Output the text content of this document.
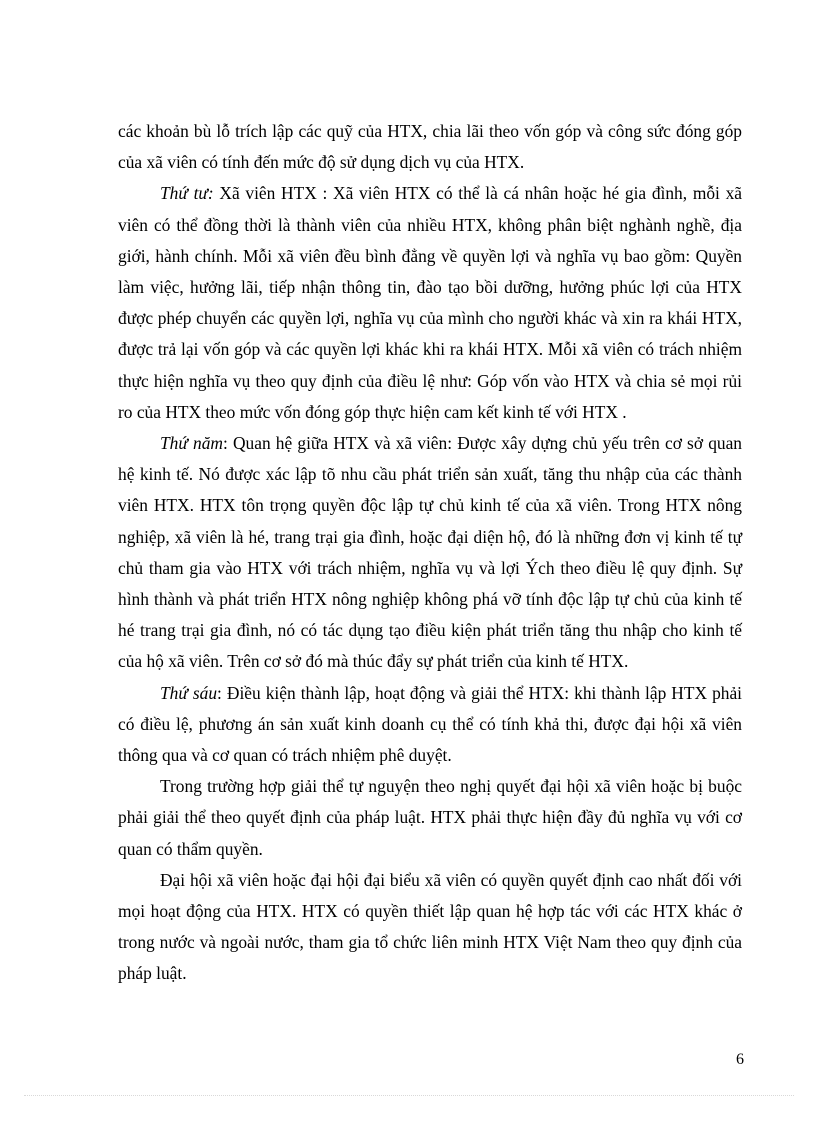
các khoản bù lỗ trích lập các quỹ của HTX, chia lãi theo vốn góp và công sức đóng góp của xã viên có tính đến mức độ sử dụng dịch vụ của HTX.

Thứ tư: Xã viên HTX : Xã viên HTX có thể là cá nhân hoặc hé gia đình, mỗi xã viên có thể đồng thời là thành viên của nhiều HTX, không phân biệt nghành nghề, địa giới, hành chính. Mỗi xã viên đều bình đẳng về quyền lợi và nghĩa vụ bao gồm: Quyền làm việc, hưởng lãi, tiếp nhận thông tin, đào tạo bồi dưỡng, hưởng phúc lợi của HTX được phép chuyển các quyền lợi, nghĩa vụ của mình cho người khác và xin ra khái HTX, được trả lại vốn góp và các quyền lợi khác khi ra khái HTX. Mỗi xã viên có trách nhiệm thực hiện nghĩa vụ theo quy định của điều lệ như: Góp vốn vào HTX và chia sẻ mọi rủi ro của HTX theo mức vốn đóng góp thực hiện cam kết kinh tế với HTX .

Thứ năm: Quan hệ giữa HTX và xã viên: Được xây dựng chủ yếu trên cơ sở quan hệ kinh tế. Nó được xác lập tõ nhu cầu phát triển sản xuất, tăng thu nhập của các thành viên HTX. HTX tôn trọng quyền độc lập tự chủ kinh tế của xã viên. Trong HTX nông nghiệp, xã viên là hé, trang trại gia đình, hoặc đại diện hộ, đó là những đơn vị kinh tế tự chủ tham gia vào HTX với trách nhiệm, nghĩa vụ và lợi Ých theo điều lệ quy định. Sự hình thành và phát triển HTX nông nghiệp không phá vỡ tính độc lập tự chủ của kinh tế hé trang trại gia đình, nó có tác dụng tạo điều kiện phát triển tăng thu nhập cho kinh tế của hộ xã viên. Trên cơ sở đó mà thúc đẩy sự phát triển của kinh tế HTX.

Thứ sáu: Điều kiện thành lập, hoạt động và giải thể HTX: khi thành lập HTX phải có điều lệ, phương án sản xuất kinh doanh cụ thể có tính khả thi, được đại hội xã viên thông qua và cơ quan có trách nhiệm phê duyệt.

Trong trường hợp giải thể tự nguyện theo nghị quyết đại hội xã viên hoặc bị buộc phải giải thể theo quyết định của pháp luật. HTX phải thực hiện đầy đủ nghĩa vụ với cơ quan có thẩm quyền.

Đại hội xã viên hoặc đại hội đại biểu xã viên có quyền quyết định cao nhất đối với mọi hoạt động của HTX. HTX có quyền thiết lập quan hệ hợp tác với các HTX khác ở trong nước và ngoài nước, tham gia tổ chức liên minh HTX Việt Nam theo quy định của pháp luật.

6
